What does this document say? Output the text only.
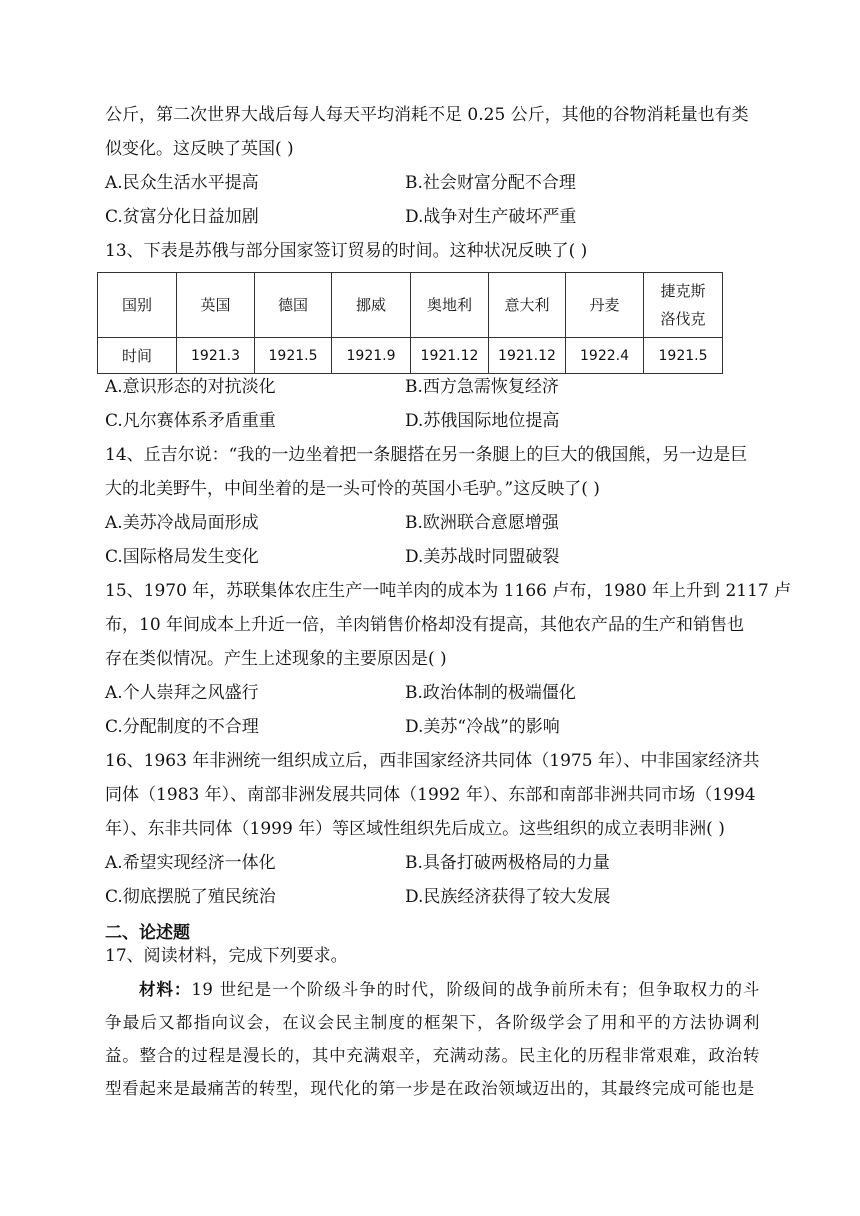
公斤，第二次世界大战后每人每天平均消耗不足 0.25 公斤，其他的谷物消耗量也有类
似变化。这反映了英国( )
A.民众生活水平提高	B.社会财富分配不合理
C.贫富分化日益加剧	D.战争对生产破坏严重
13、下表是苏俄与部分国家签订贸易的时间。这种状况反映了( )
国别	英国	德国	挪威	奥地利	意大利	丹麦	捷克斯洛伐克
时间	1921.3	1921.5	1921.9	1921.12	1921.12	1922.4	1921.5
A.意识形态的对抗淡化	B.西方急需恢复经济
C.凡尔赛体系矛盾重重	D.苏俄国际地位提高
14、丘吉尔说：“我的一边坐着把一条腿搭在另一条腿上的巨大的俄国熊，另一边是巨
大的北美野牛，中间坐着的是一头可怜的英国小毛驴。”这反映了( )
A.美苏冷战局面形成	B.欧洲联合意愿增强
C.国际格局发生变化	D.美苏战时同盟破裂
15、1970 年，苏联集体农庄生产一吨羊肉的成本为 1166 卢布，1980 年上升到 2117 卢
布，10 年间成本上升近一倍，羊肉销售价格却没有提高，其他农产品的生产和销售也
存在类似情况。产生上述现象的主要原因是( )
A.个人崇拜之风盛行	B.政治体制的极端僵化
C.分配制度的不合理	D.美苏“冷战”的影响
16、1963 年非洲统一组织成立后，西非国家经济共同体（1975 年）、中非国家经济共
同体（1983 年）、南部非洲发展共同体（1992 年）、东部和南部非洲共同市场（1994
年）、东非共同体（1999 年）等区域性组织先后成立。这些组织的成立表明非洲( )
A.希望实现经济一体化	B.具备打破两极格局的力量
C.彻底摆脱了殖民统治	D.民族经济获得了较大发展
二、论述题
17、阅读材料，完成下列要求。
材料：19 世纪是一个阶级斗争的时代，阶级间的战争前所未有；但争取权力的斗争最后又都指向议会，在议会民主制度的框架下，各阶级学会了用和平的方法协调利益。整合的过程是漫长的，其中充满艰辛，充满动荡。民主化的历程非常艰难，政治转型看起来是最痛苦的转型，现代化的第一步是在政治领域迈出的，其最终完成可能也是
